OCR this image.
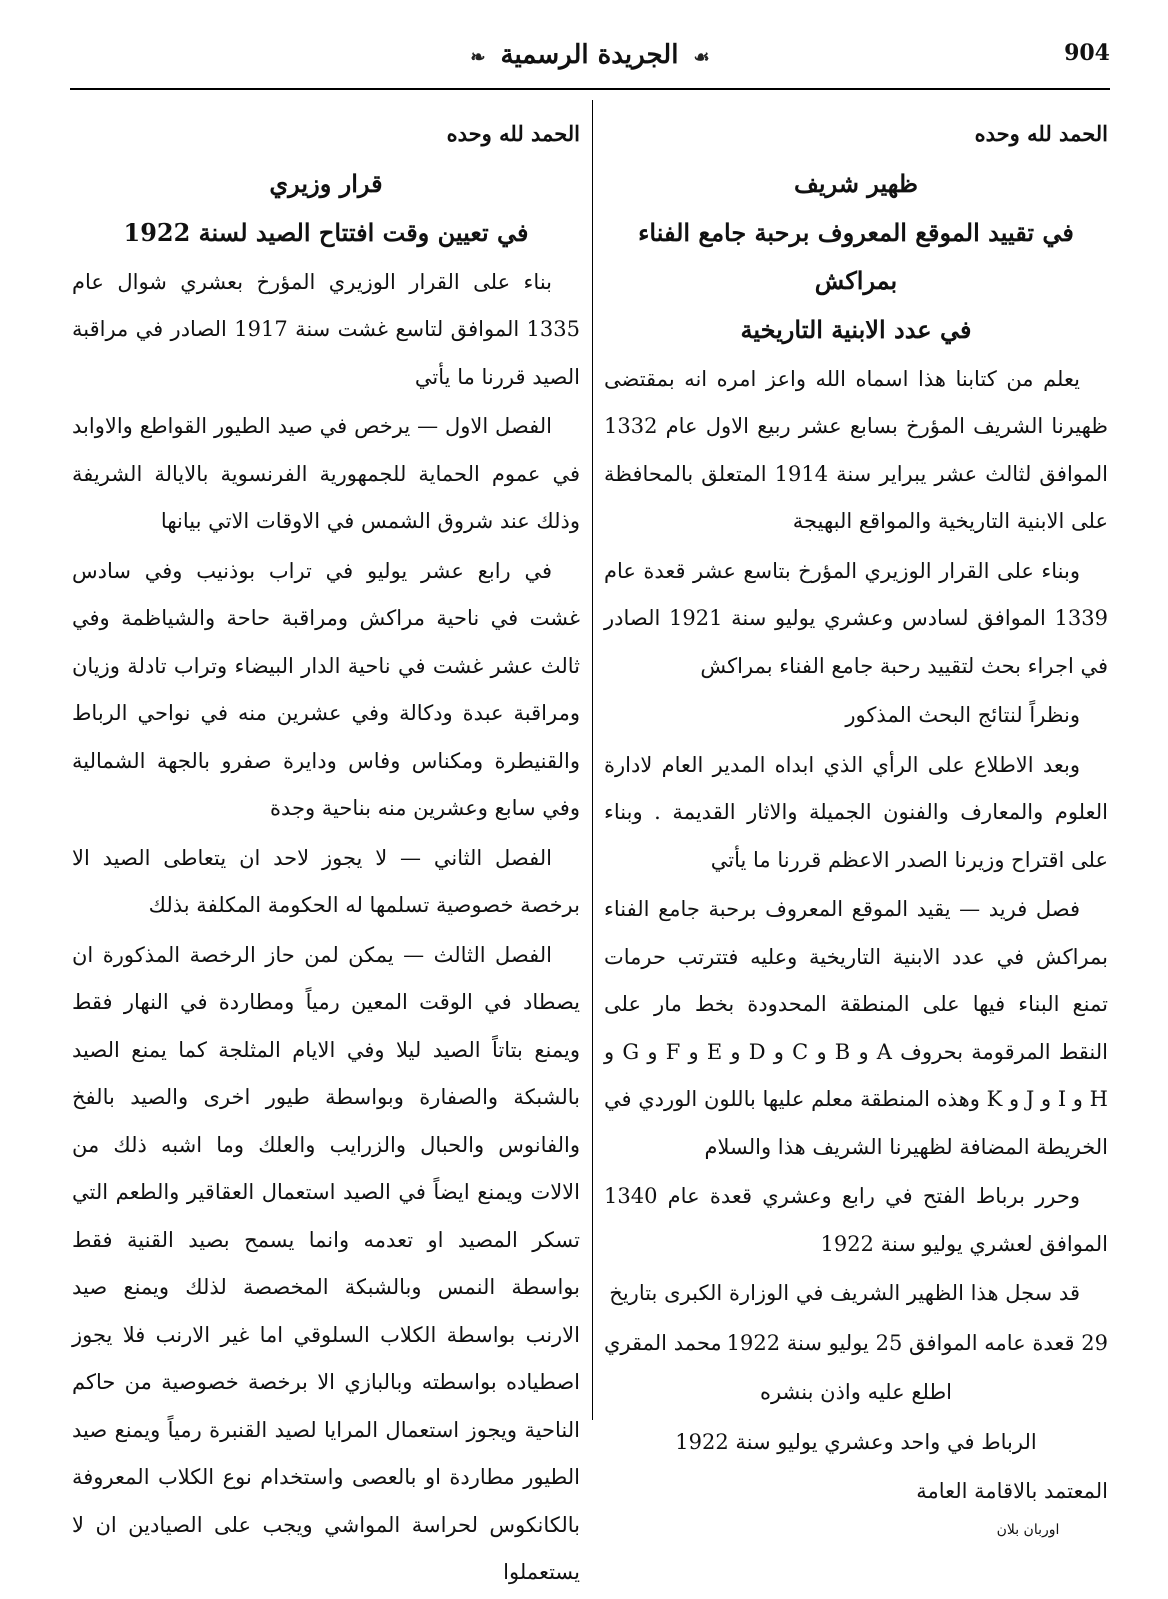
904
❧ الجريدة الرسمية ☙

الحمد لله وحده

ظهير شريف

في تقييد الموقع المعروف برحبة جامع الفناء بمراكش

في عدد الابنية التاريخية

يعلم من كتابنا هذا اسماه الله واعز امره انه بمقتضى ظهيرنا الشريف المؤرخ بسابع عشر ربيع الاول عام 1332 الموافق لثالث عشر يبراير سنة 1914 المتعلق بالمحافظة على الابنية التاريخية والمواقع البهيجة

وبناء على القرار الوزيري المؤرخ بتاسع عشر قعدة عام 1339 الموافق لسادس وعشري يوليو سنة 1921 الصادر في اجراء بحث لتقييد رحبة جامع الفناء بمراكش

ونظراً لنتائج البحث المذكور

وبعد الاطلاع على الرأي الذي ابداه المدير العام لادارة العلوم والمعارف والفنون الجميلة والاثار القديمة . وبناء على اقتراح وزيرنا الصدر الاعظم قررنا ما يأتي

فصل فريد — يقيد الموقع المعروف برحبة جامع الفناء بمراكش في عدد الابنية التاريخية وعليه فتترتب حرمات تمنع البناء فيها على المنطقة المحدودة بخط مار على النقط المرقومة بحروف A و B و C و D و E و F و G و H و I و J و K وهذه المنطقة معلم عليها باللون الوردي في الخريطة المضافة لظهيرنا الشريف هذا والسلام

وحرر برباط الفتح في رابع وعشري قعدة عام 1340 الموافق لعشري يوليو سنة 1922

قد سجل هذا الظهير الشريف في الوزارة الكبرى بتاريخ

29 قعدة عامه الموافق 25 يوليو سنة 1922
محمد المقري

اطلع عليه واذن بنشره

الرباط في واحد وعشري يوليو سنة 1922

المعتمد بالاقامة العامة

اوربان بلان

الحمد لله وحده

قرار وزيري

في تعيين وقت افتتاح الصيد لسنة 1922

بناء على القرار الوزيري المؤرخ بعشري شوال عام 1335 الموافق لتاسع غشت سنة 1917 الصادر في مراقبة الصيد قررنا ما يأتي

الفصل الاول — يرخص في صيد الطيور القواطع والاوابد في عموم الحماية للجمهورية الفرنسوية بالايالة الشريفة وذلك عند شروق الشمس في الاوقات الاتي بيانها

في رابع عشر يوليو في تراب بوذنيب وفي سادس غشت في ناحية مراكش ومراقبة حاحة والشياظمة وفي ثالث عشر غشت في ناحية الدار البيضاء وتراب تادلة وزيان ومراقبة عبدة ودكالة وفي عشرين منه في نواحي الرباط والقنيطرة ومكناس وفاس ودايرة صفرو بالجهة الشمالية وفي سابع وعشرين منه بناحية وجدة

الفصل الثاني — لا يجوز لاحد ان يتعاطى الصيد الا برخصة خصوصية تسلمها له الحكومة المكلفة بذلك

الفصل الثالث — يمكن لمن حاز الرخصة المذكورة ان يصطاد في الوقت المعين رمياً ومطاردة في النهار فقط ويمنع بتاتاً الصيد ليلا وفي الايام المثلجة كما يمنع الصيد بالشبكة والصفارة وبواسطة طيور اخرى والصيد بالفخ والفانوس والحبال والزرايب والعلك وما اشبه ذلك من الالات ويمنع ايضاً في الصيد استعمال العقاقير والطعم التي تسكر المصيد او تعدمه وانما يسمح بصيد القنية فقط بواسطة النمس وبالشبكة المخصصة لذلك ويمنع صيد الارنب بواسطة الكلاب السلوقي اما غير الارنب فلا يجوز اصطياده بواسطته وبالبازي الا برخصة خصوصية من حاكم الناحية ويجوز استعمال المرايا لصيد القنبرة رمياً ويمنع صيد الطيور مطاردة او بالعصى واستخدام نوع الكلاب المعروفة بالكانكوس لحراسة المواشي ويجب على الصيادين ان لا يستعملوا
